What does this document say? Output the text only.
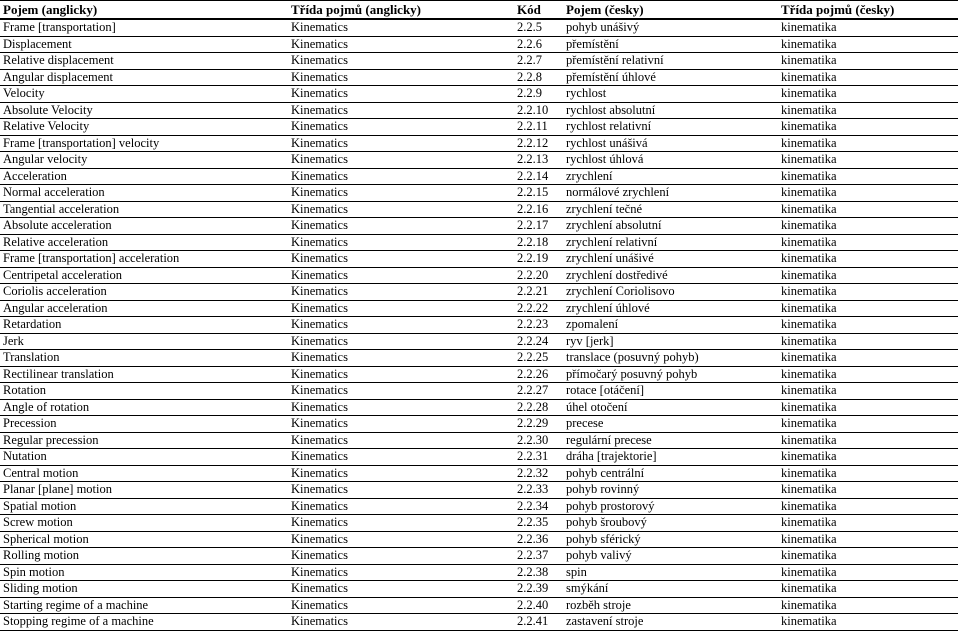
Pojem (anglicky)	Třída pojmů (anglicky)	Kód	Pojem (česky)	Třída pojmů (česky)
Frame [transportation]	Kinematics	2.2.5	pohyb unášivý	kinematika
Displacement	Kinematics	2.2.6	přemístění	kinematika
Relative displacement	Kinematics	2.2.7	přemístění relativní	kinematika
Angular displacement	Kinematics	2.2.8	přemístění úhlové	kinematika
Velocity	Kinematics	2.2.9	rychlost	kinematika
Absolute Velocity	Kinematics	2.2.10	rychlost absolutní	kinematika
Relative Velocity	Kinematics	2.2.11	rychlost relativní	kinematika
Frame [transportation] velocity	Kinematics	2.2.12	rychlost unášivá	kinematika
Angular velocity	Kinematics	2.2.13	rychlost úhlová	kinematika
Acceleration	Kinematics	2.2.14	zrychlení	kinematika
Normal acceleration	Kinematics	2.2.15	normálové zrychlení	kinematika
Tangential acceleration	Kinematics	2.2.16	zrychlení tečné	kinematika
Absolute acceleration	Kinematics	2.2.17	zrychlení absolutní	kinematika
Relative acceleration	Kinematics	2.2.18	zrychlení relativní	kinematika
Frame [transportation] acceleration	Kinematics	2.2.19	zrychlení unášivé	kinematika
Centripetal acceleration	Kinematics	2.2.20	zrychlení dostředivé	kinematika
Coriolis acceleration	Kinematics	2.2.21	zrychlení Coriolisovo	kinematika
Angular acceleration	Kinematics	2.2.22	zrychlení úhlové	kinematika
Retardation	Kinematics	2.2.23	zpomalení	kinematika
Jerk	Kinematics	2.2.24	ryv [jerk]	kinematika
Translation	Kinematics	2.2.25	translace (posuvný pohyb)	kinematika
Rectilinear translation	Kinematics	2.2.26	přímočarý posuvný pohyb	kinematika
Rotation	Kinematics	2.2.27	rotace [otáčení]	kinematika
Angle of rotation	Kinematics	2.2.28	úhel otočení	kinematika
Precession	Kinematics	2.2.29	precese	kinematika
Regular precession	Kinematics	2.2.30	regulární precese	kinematika
Nutation	Kinematics	2.2.31	dráha [trajektorie]	kinematika
Central motion	Kinematics	2.2.32	pohyb centrální	kinematika
Planar [plane] motion	Kinematics	2.2.33	pohyb rovinný	kinematika
Spatial motion	Kinematics	2.2.34	pohyb prostorový	kinematika
Screw motion	Kinematics	2.2.35	pohyb šroubový	kinematika
Spherical motion	Kinematics	2.2.36	pohyb sférický	kinematika
Rolling motion	Kinematics	2.2.37	pohyb valivý	kinematika
Spin motion	Kinematics	2.2.38	spin	kinematika
Sliding motion	Kinematics	2.2.39	smýkání	kinematika
Starting regime of a machine	Kinematics	2.2.40	rozběh stroje	kinematika
Stopping regime of a machine	Kinematics	2.2.41	zastavení stroje	kinematika
